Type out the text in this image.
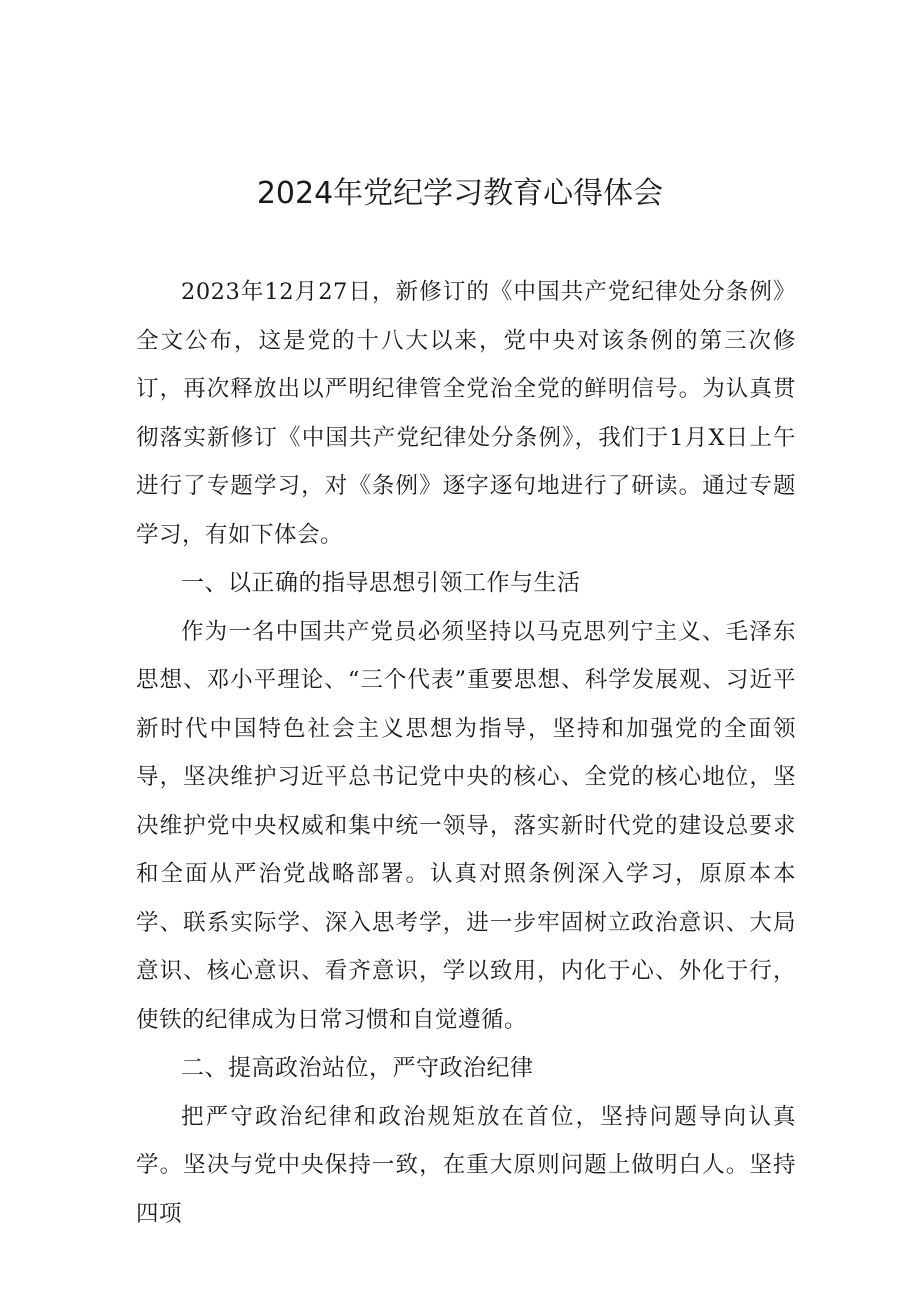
2024年党纪学习教育心得体会

2023年12月27日，新修订的《中国共产党纪律处分条例》全文公布，这是党的十八大以来，党中央对该条例的第三次修订，再次释放出以严明纪律管全党治全党的鲜明信号。为认真贯彻落实新修订《中国共产党纪律处分条例》，我们于1月X日上午进行了专题学习，对《条例》逐字逐句地进行了研读。通过专题学习，有如下体会。

一、以正确的指导思想引领工作与生活

作为一名中国共产党员必须坚持以马克思列宁主义、毛泽东思想、邓小平理论、“三个代表”重要思想、科学发展观、习近平新时代中国特色社会主义思想为指导，坚持和加强党的全面领导，坚决维护习近平总书记党中央的核心、全党的核心地位，坚决维护党中央权威和集中统一领导，落实新时代党的建设总要求和全面从严治党战略部署。认真对照条例深入学习，原原本本学、联系实际学、深入思考学，进一步牢固树立政治意识、大局意识、核心意识、看齐意识，学以致用，内化于心、外化于行，使铁的纪律成为日常习惯和自觉遵循。

二、提高政治站位，严守政治纪律

把严守政治纪律和政治规矩放在首位，坚持问题导向认真学。坚决与党中央保持一致，在重大原则问题上做明白人。坚持四项
